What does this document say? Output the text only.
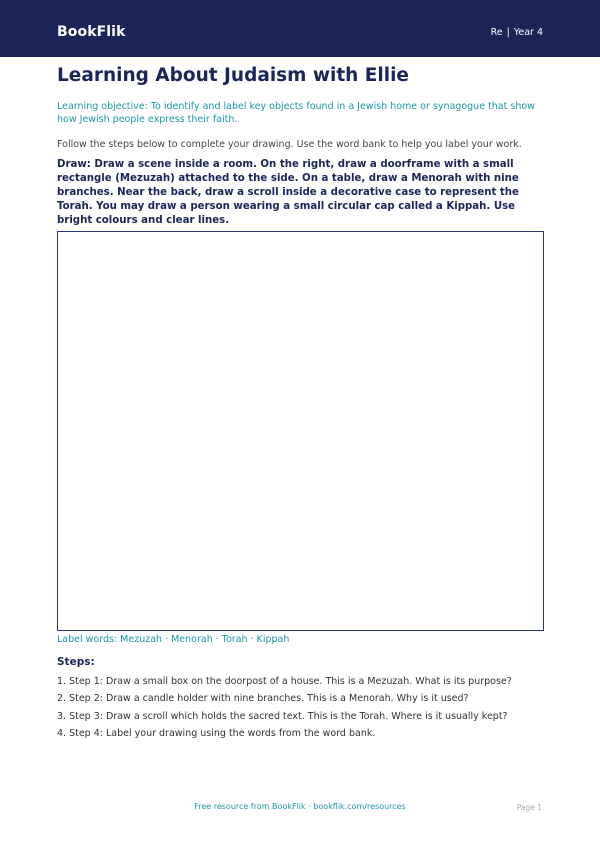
BookFlik	Re | Year 4
Learning About Judaism with Ellie
Learning objective: To identify and label key objects found in a Jewish home or synagogue that show how Jewish people express their faith.
Follow the steps below to complete your drawing. Use the word bank to help you label your work.
Draw: Draw a scene inside a room. On the right, draw a doorframe with a small rectangle (Mezuzah) attached to the side. On a table, draw a Menorah with nine branches. Near the back, draw a scroll inside a decorative case to represent the Torah. You may draw a person wearing a small circular cap called a Kippah. Use bright colours and clear lines.
Label words: Mezuzah · Menorah · Torah · Kippah
Steps:
1. Step 1: Draw a small box on the doorpost of a house. This is a Mezuzah. What is its purpose?
2. Step 2: Draw a candle holder with nine branches. This is a Menorah. Why is it used?
3. Step 3: Draw a scroll which holds the sacred text. This is the Torah. Where is it usually kept?
4. Step 4: Label your drawing using the words from the word bank.
Free resource from BookFlik · bookflik.com/resources	Page 1
